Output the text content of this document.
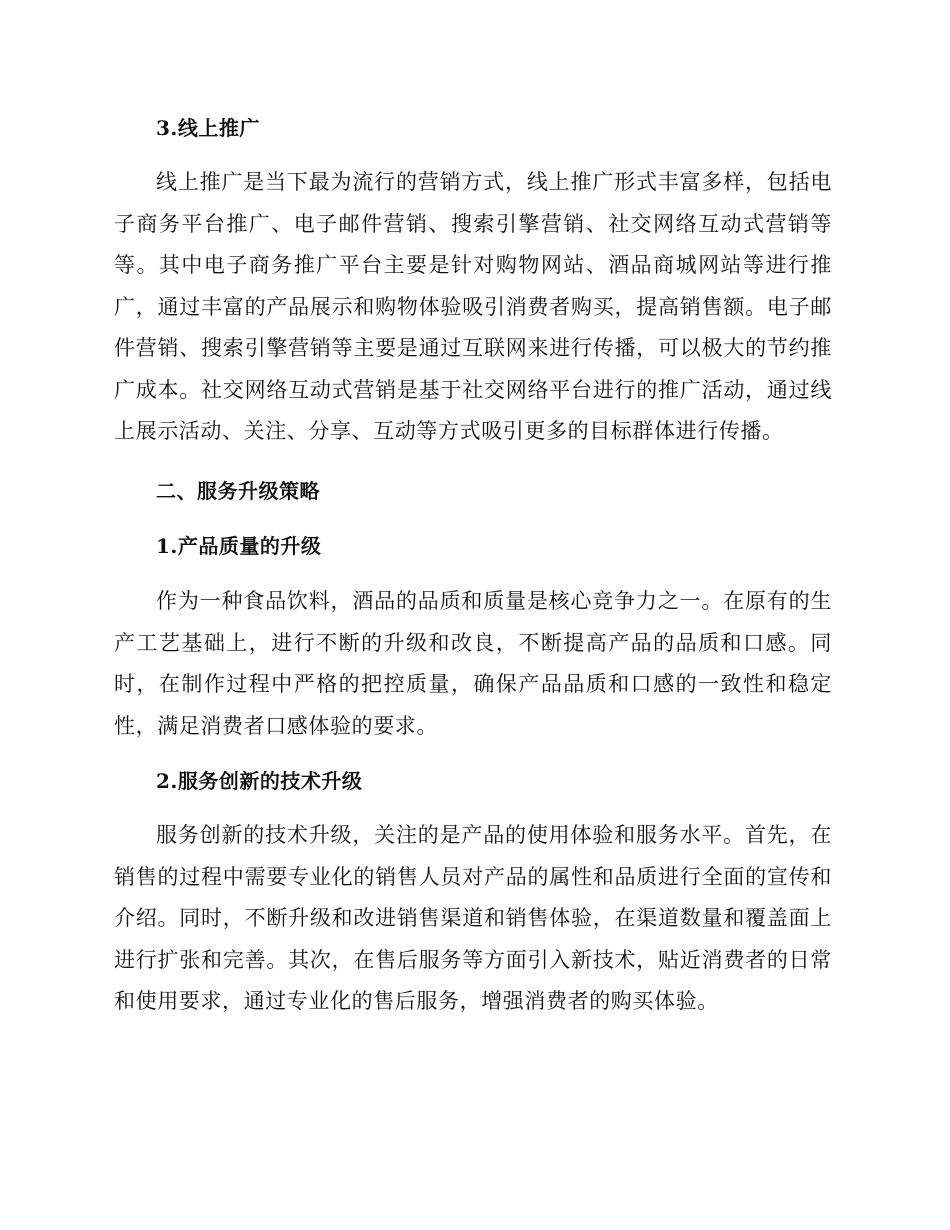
3.线上推广

线上推广是当下最为流行的营销方式，线上推广形式丰富多样，包括电子商务平台推广、电子邮件营销、搜索引擎营销、社交网络互动式营销等等。其中电子商务推广平台主要是针对购物网站、酒品商城网站等进行推广，通过丰富的产品展示和购物体验吸引消费者购买，提高销售额。电子邮件营销、搜索引擎营销等主要是通过互联网来进行传播，可以极大的节约推广成本。社交网络互动式营销是基于社交网络平台进行的推广活动，通过线上展示活动、关注、分享、互动等方式吸引更多的目标群体进行传播。

二、服务升级策略
1.产品质量的升级

作为一种食品饮料，酒品的品质和质量是核心竞争力之一。在原有的生产工艺基础上，进行不断的升级和改良，不断提高产品的品质和口感。同时，在制作过程中严格的把控质量，确保产品品质和口感的一致性和稳定性，满足消费者口感体验的要求。

2.服务创新的技术升级

服务创新的技术升级，关注的是产品的使用体验和服务水平。首先，在销售的过程中需要专业化的销售人员对产品的属性和品质进行全面的宣传和介绍。同时，不断升级和改进销售渠道和销售体验，在渠道数量和覆盖面上进行扩张和完善。其次，在售后服务等方面引入新技术，贴近消费者的日常和使用要求，通过专业化的售后服务，增强消费者的购买体验。
